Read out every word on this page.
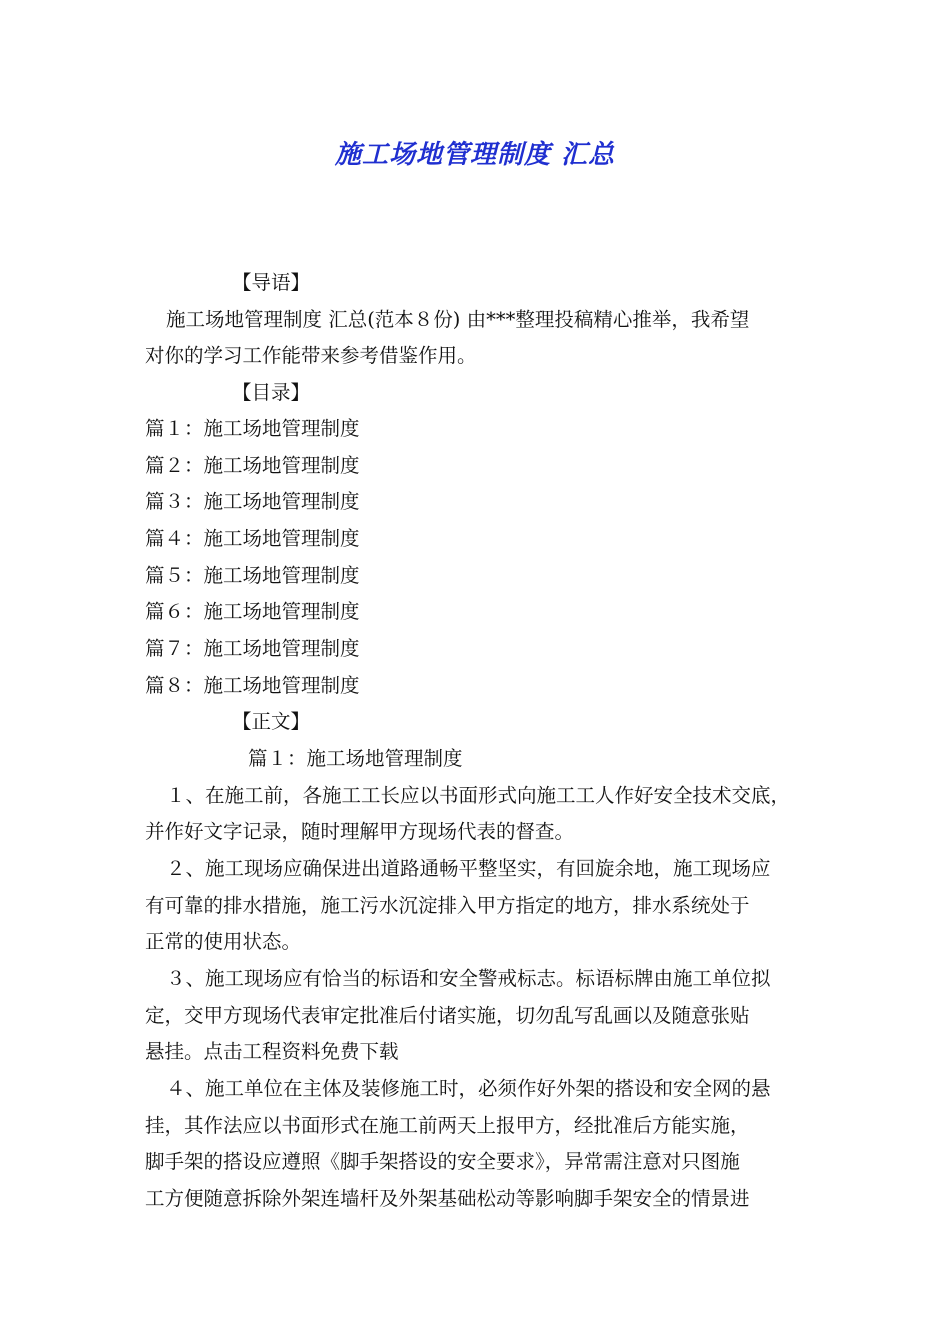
施工场地管理制度 汇总
【导语】
施工场地管理制度 汇总(范本８份) 由***整理投稿精心推举，我希望
对你的学习工作能带来参考借鉴作用。
【目录】
篇１：施工场地管理制度
篇２：施工场地管理制度
篇３：施工场地管理制度
篇４：施工场地管理制度
篇５：施工场地管理制度
篇６：施工场地管理制度
篇７：施工场地管理制度
篇８：施工场地管理制度
【正文】
篇１：施工场地管理制度
１、在施工前，各施工工长应以书面形式向施工工人作好安全技术交底，
并作好文字记录，随时理解甲方现场代表的督查。
２、施工现场应确保进出道路通畅平整坚实，有回旋余地，施工现场应
有可靠的排水措施，施工污水沉淀排入甲方指定的地方，排水系统处于
正常的使用状态。
３、施工现场应有恰当的标语和安全警戒标志。标语标牌由施工单位拟
定，交甲方现场代表审定批准后付诸实施，切勿乱写乱画以及随意张贴
悬挂。点击工程资料免费下载
４、施工单位在主体及装修施工时，必须作好外架的搭设和安全网的悬
挂，其作法应以书面形式在施工前两天上报甲方，经批准后方能实施，
脚手架的搭设应遵照《脚手架搭设的安全要求》，异常需注意对只图施
工方便随意拆除外架连墙杆及外架基础松动等影响脚手架安全的情景进
